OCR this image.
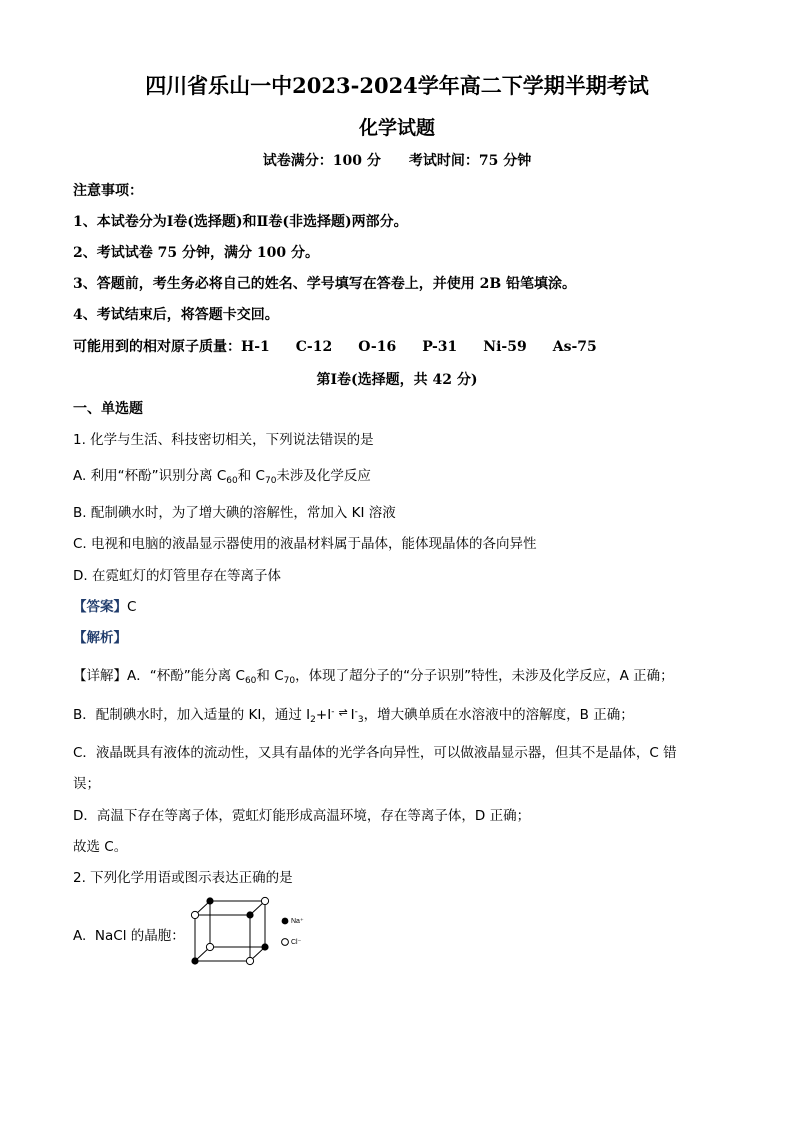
四川省乐山一中2023-2024学年高二下学期半期考试
化学试题
试卷满分：100 分　　考试时间：75 分钟
注意事项：
1、本试卷分为Ⅰ卷(选择题)和Ⅱ卷(非选择题)两部分。
2、考试试卷 75 分钟，满分 100 分。
3、答题前，考生务必将自己的姓名、学号填写在答卷上，并使用 2B 铅笔填涂。
4、考试结束后，将答题卡交回。
可能用到的相对原子质量：H-1 C-12 O-16 P-31 Ni-59 As-75
第Ⅰ卷(选择题，共 42 分)
一、单选题
1. 化学与生活、科技密切相关，下列说法错误的是
A. 利用“杯酚”识别分离 $C_{60}$和 $C_{70}$未涉及化学反应
B. 配制碘水时，为了增大碘的溶解性，常加入 KI 溶液
C. 电视和电脑的液晶显示器使用的液晶材料属于晶体，能体现晶体的各向异性
D. 在霓虹灯的灯管里存在等离子体
【答案】C
【解析】
【详解】A．“杯酚”能分离 $C_{60}$和 $C_{70}$，体现了超分子的“分子识别”特性，未涉及化学反应，A 正确；
B．配制碘水时，加入适量的 KI，通过 $I_2+I^-$ ⇌ $I^-_3$，增大碘单质在水溶液中的溶解度，B 正确；
C．液晶既具有液体的流动性，又具有晶体的光学各向异性，可以做液晶显示器，但其不是晶体，C 错
误；
D．高温下存在等离子体，霓虹灯能形成高温环境，存在等离子体，D 正确；
故选 C。
2. 下列化学用语或图示表达正确的是
A. NaCl 的晶胞：
Na⁺
Cl⁻
